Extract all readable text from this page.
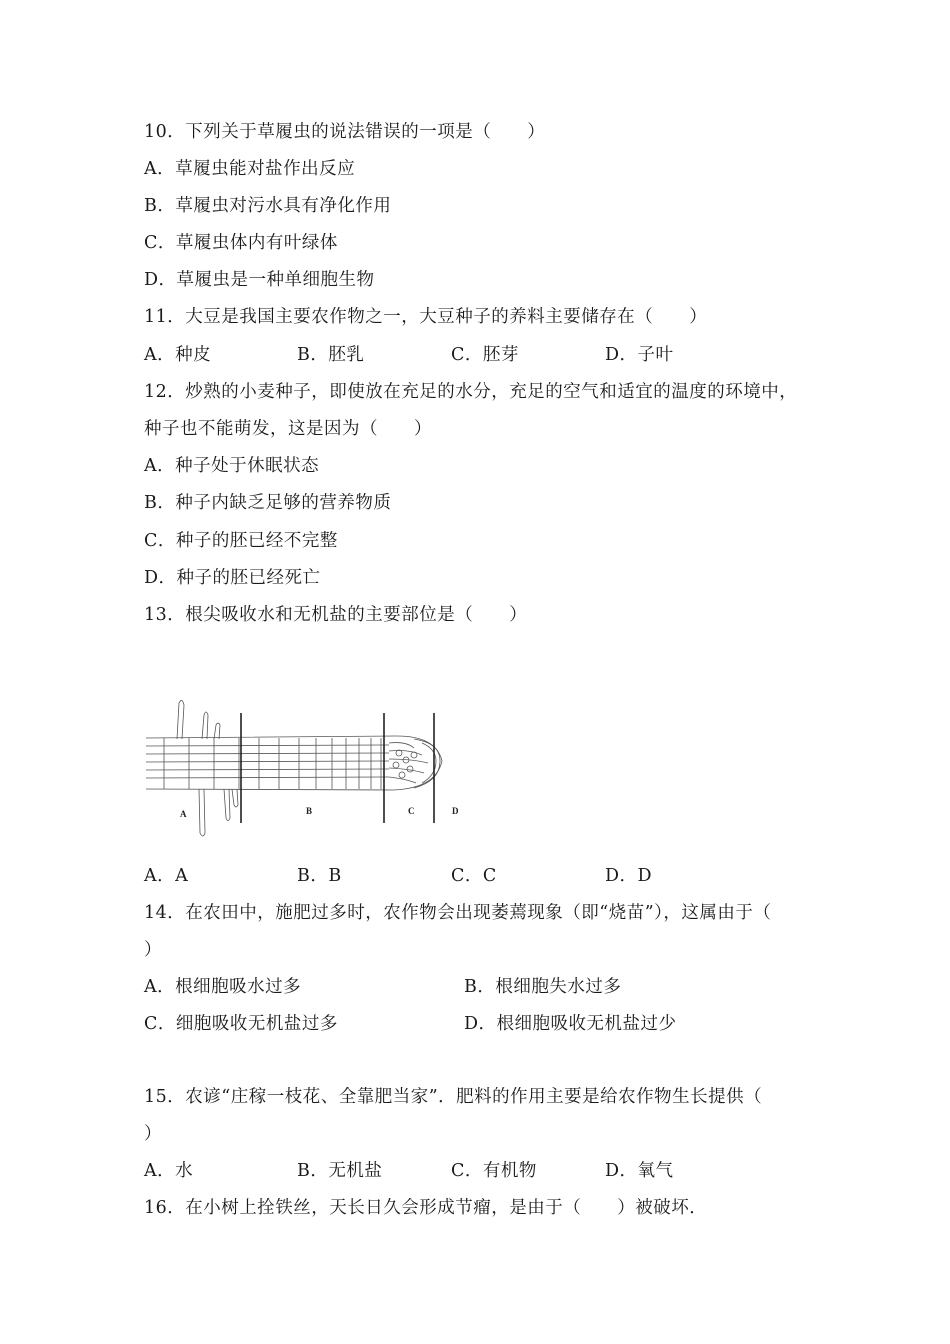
10．下列关于草履虫的说法错误的一项是（　　）
A．草履虫能对盐作出反应
B．草履虫对污水具有净化作用
C．草履虫体内有叶绿体
D．草履虫是一种单细胞生物
11．大豆是我国主要农作物之一，大豆种子的养料主要储存在（　　）
A．种皮	B．胚乳	C．胚芽	D．子叶
12．炒熟的小麦种子，即使放在充足的水分，充足的空气和适宜的温度的环境中，
种子也不能萌发，这是因为（　　）
A．种子处于休眠状态
B．种子内缺乏足够的营养物质
C．种子的胚已经不完整
D．种子的胚已经死亡
13．根尖吸收水和无机盐的主要部位是（　　）
A	B	C	D
A．A	B．B	C．C	D．D
14．在农田中，施肥过多时，农作物会出现萎蔫现象（即“烧苗”），这属由于（
）
A．根细胞吸水过多	B．根细胞失水过多
C．细胞吸收无机盐过多	D．根细胞吸收无机盐过少
15．农谚“庄稼一枝花、全靠肥当家”．肥料的作用主要是给农作物生长提供（
）
A．水	B．无机盐	C．有机物	D．氧气
16．在小树上拴铁丝，天长日久会形成节瘤，是由于（　　）被破坏．
